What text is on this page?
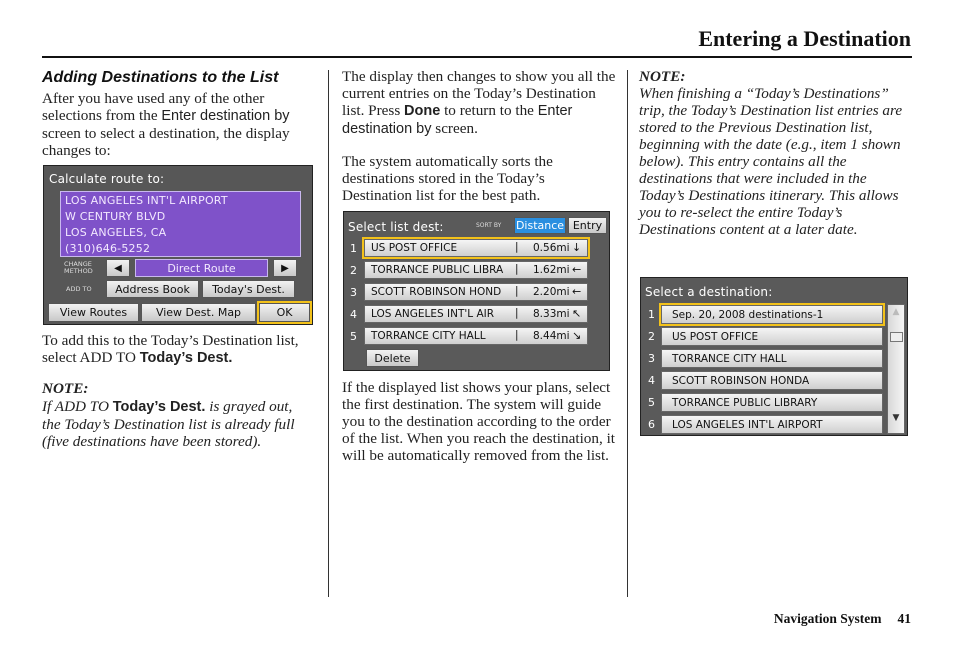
Entering a Destination
Adding Destinations to the List

After you have used any of the other selections from the Enter destination by screen to select a destination, the display changes to:

To add this to the Today’s Destination list, select ADD TO Today’s Dest.

NOTE:

If ADD TO Today’s Dest. is grayed out, the Today’s Destination list is already full (five destinations have been stored).

The display then changes to show you all the current entries on the Today’s Destination list. Press Done to return to the Enter destination by screen.

The system automatically sorts the destinations stored in the Today’s Destination list for the best path.

If the displayed list shows your plans, select the first destination. The system will guide you to the destination according to the order of the list. When you reach the destination, it will be automatically removed from the list.

NOTE:

When finishing a “Today’s Destinations” trip, the Today’s Destination list entries are stored to the Previous Destination list, beginning with the date (e.g., item 1 shown below). This entry contains all the destinations that were included in the Today’s Destinations itinerary. This allows you to re-select the entire Today’s Destinations content at a later date.

Calculate route to:
LOS ANGELES INT'L AIRPORT
W CENTURY BLVD
LOS ANGELES, CA
(310)646-5252
CHANGE METHOD	◀	Direct Route	▶
ADD TO	Address Book	Today's Dest.
View Routes	View Dest. Map	OK
Select list dest:	SORT BY Distance Entry
1 US POST OFFICE	| 0.56mi ↓
2 TORRANCE PUBLIC LIBRA | 1.62mi ←
3 SCOTT ROBINSON HOND | 2.20mi ←
4 LOS ANGELES INT'L AIR | 8.33mi ↖
5 TORRANCE CITY HALL	| 8.44mi ↘
Delete
Select a destination:
1 Sep. 20, 2008 destinations-1
2 US POST OFFICE
3 TORRANCE CITY HALL
4 SCOTT ROBINSON HONDA
5 TORRANCE PUBLIC LIBRARY
6 LOS ANGELES INT'L AIRPORT
▲
▼
Navigation System 41
